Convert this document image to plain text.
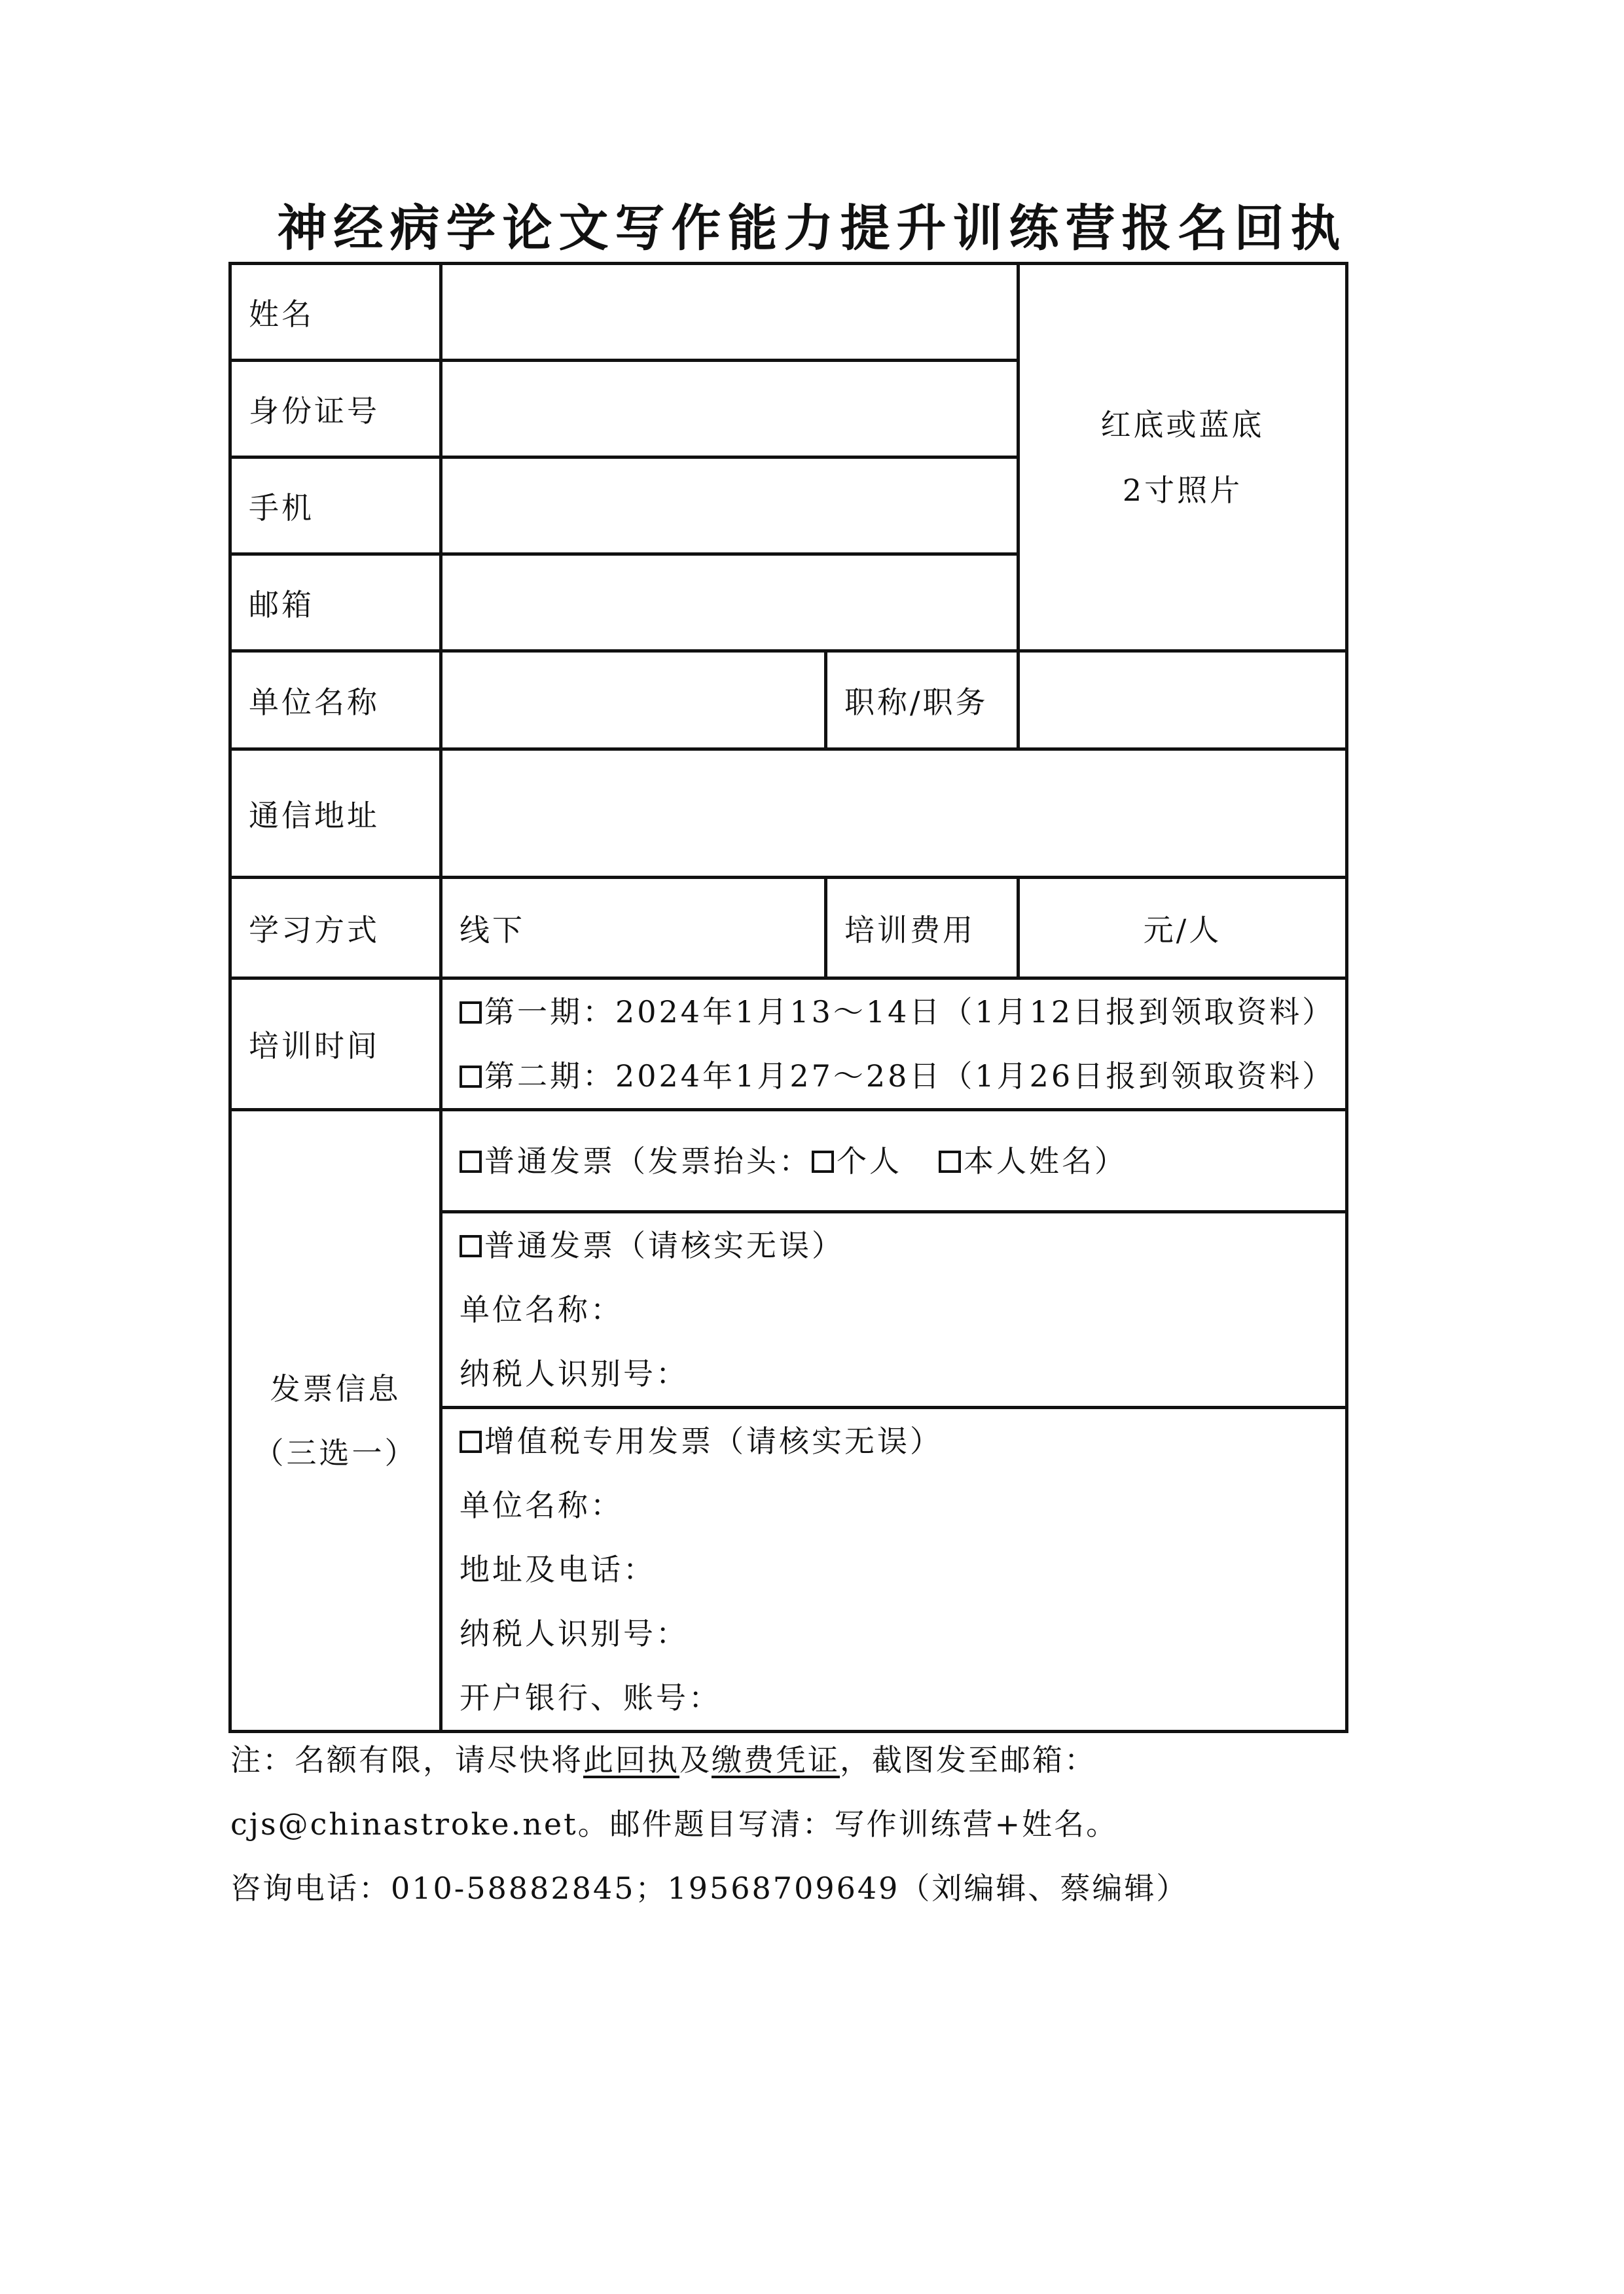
神经病学论文写作能力提升训练营报名回执
姓名			红底或蓝底
2寸照片

身份证号			
手机			
邮箱			
单位名称		职称/职务	
通信地址			
学习方式	线下	培训费用	元/人
培训时间	第一期：2024年1月13～14日（1月12日报到领取资料）
第二期：2024年1月27～28日（1月26日报到领取资料）		

发票信息
（三选一）	普通发票（发票抬头： 个人 本人姓名）		

	普通发票（请核实无误）
单位名称：
纳税人识别号：		

	增值税专用发票（请核实无误）
单位名称：
地址及电话：
纳税人识别号：
开户银行、账号：		
注：名额有限，请尽快将此回执及缴费凭证，截图发至邮箱：
cjs@chinastroke.net。邮件题目写清：写作训练营+姓名。
咨询电话：010-58882845；19568709649（刘编辑、蔡编辑）
